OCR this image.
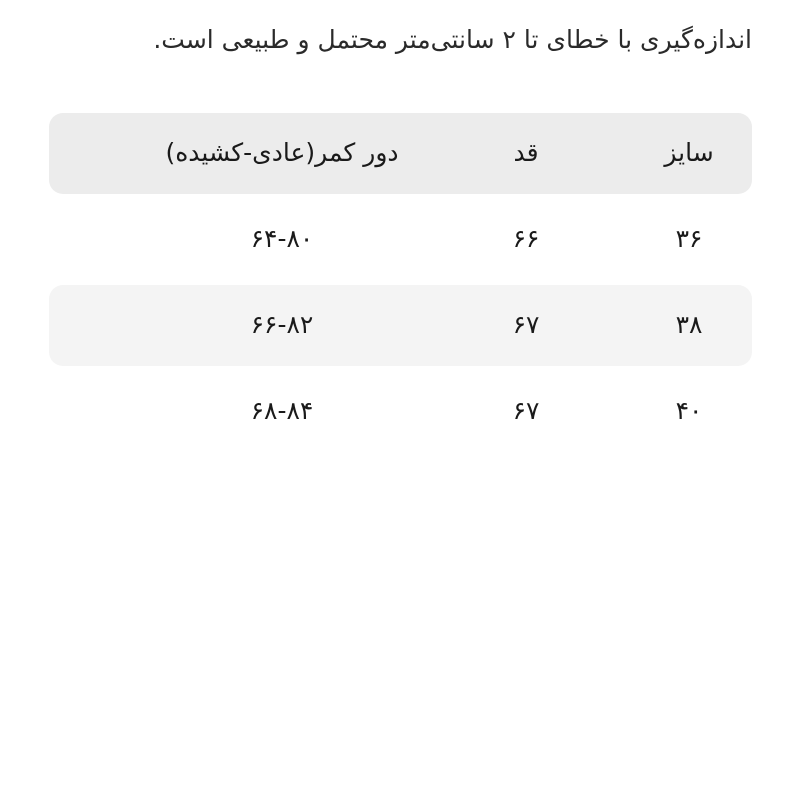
اندازه‌گیری با خطای تا ۲ سانتی‌متر محتمل و طبیعی است.
سایز
قد
دور کمر(عادی-کشیده)
۳۶
۶۶
۶۴-۸۰
۳۸
۶۷
۶۶-۸۲
۴۰
۶۷
۶۸-۸۴
